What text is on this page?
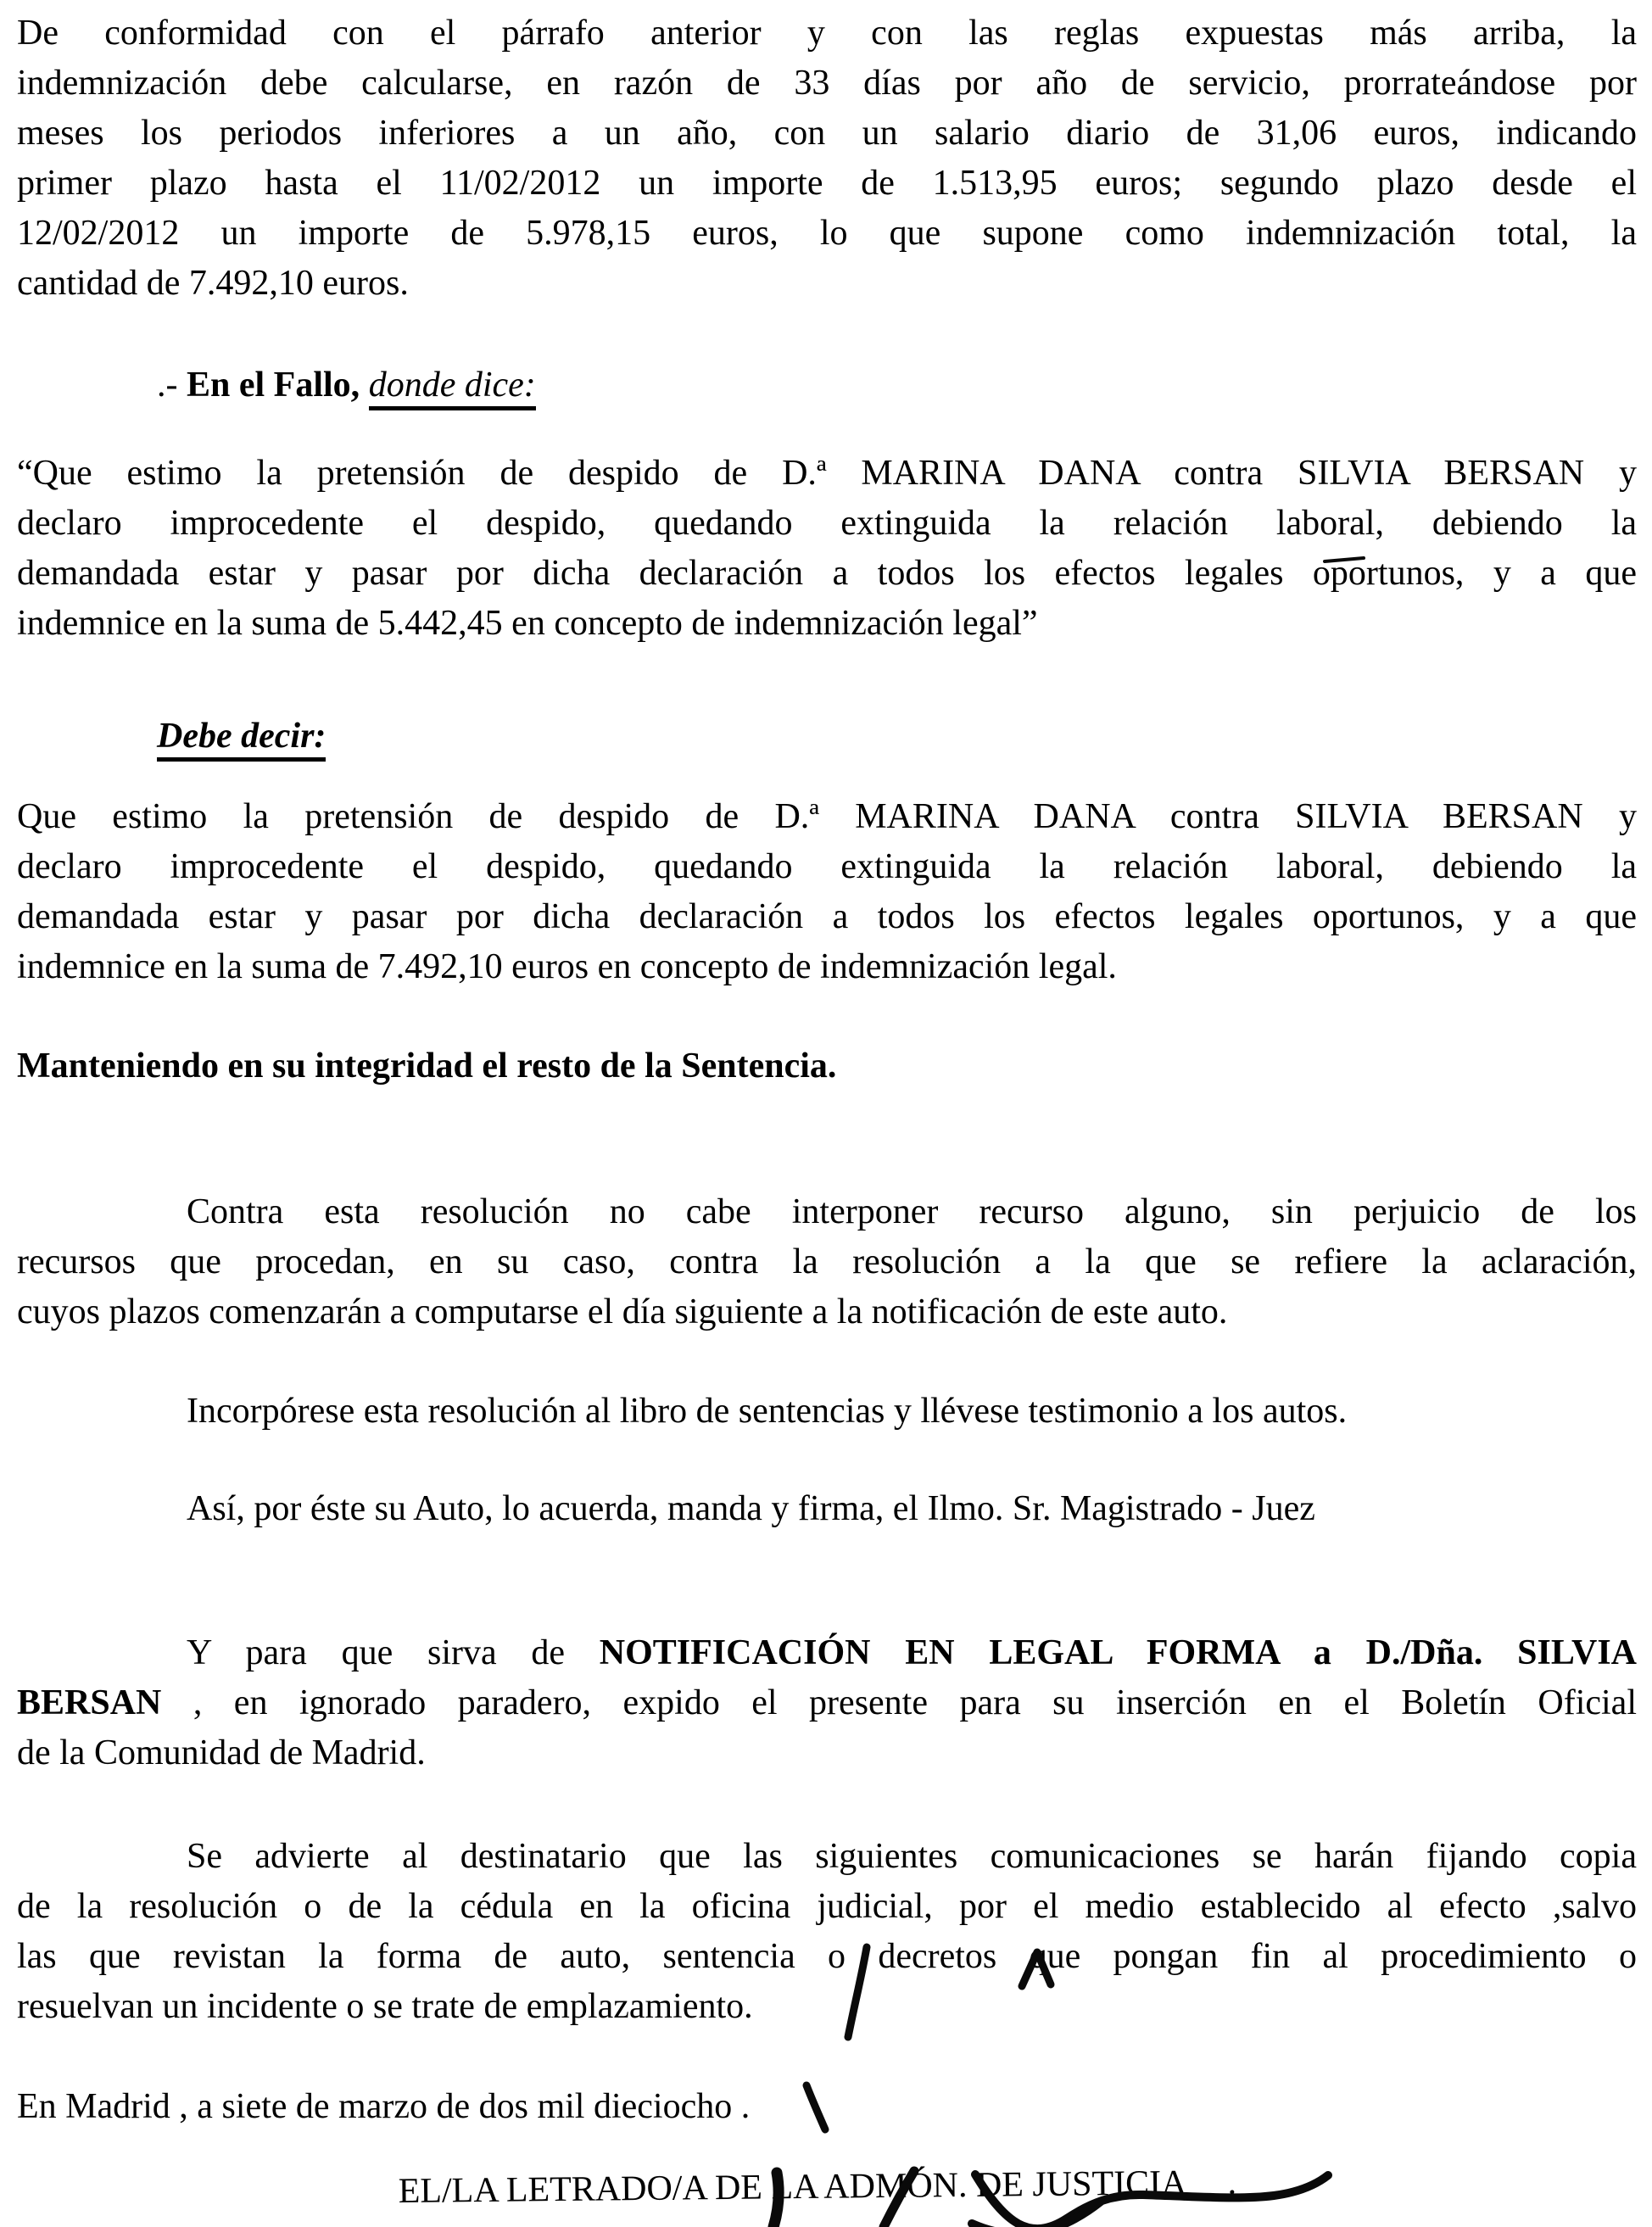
De conformidad con el párrafo anterior y con las reglas expuestas más arriba, la
indemnización debe calcularse, en razón de 33 días por año de servicio, prorrateándose por
meses los periodos inferiores a un año, con un salario diario de 31,06 euros, indicando
primer plazo hasta el 11/02/2012 un importe de 1.513,95 euros; segundo plazo desde el
12/02/2012 un importe de 5.978,15 euros, lo que supone como indemnización total, la
cantidad de 7.492,10 euros.
.- En el Fallo, donde dice:
“Que estimo la pretensión de despido de D.ª MARINA DANA contra SILVIA BERSAN y
declaro improcedente el despido, quedando extinguida la relación laboral, debiendo la
demandada estar y pasar por dicha declaración a todos los efectos legales oportunos, y a que
indemnice en la suma de 5.442,45 en concepto de indemnización legal”
Debe decir:
Que estimo la pretensión de despido de D.ª MARINA DANA contra SILVIA BERSAN y
declaro improcedente el despido, quedando extinguida la relación laboral, debiendo la
demandada estar y pasar por dicha declaración a todos los efectos legales oportunos, y a que
indemnice en la suma de 7.492,10 euros en concepto de indemnización legal.
Manteniendo en su integridad el resto de la Sentencia.
Contra esta resolución no cabe interponer recurso alguno, sin perjuicio de los
recursos que procedan, en su caso, contra la resolución a la que se refiere la aclaración,
cuyos plazos comenzarán a computarse el día siguiente a la notificación de este auto.
Incorpórese esta resolución al libro de sentencias y llévese testimonio a los autos.
Así, por éste su Auto, lo acuerda, manda y firma, el Ilmo. Sr. Magistrado - Juez
Y para que sirva de NOTIFICACIÓN EN LEGAL FORMA a D./Dña. SILVIA
BERSAN , en ignorado paradero, expido el presente para su inserción en el Boletín Oficial
de la Comunidad de Madrid.
Se advierte al destinatario que las siguientes comunicaciones se harán fijando copia
de la resolución o de la cédula en la oficina judicial, por el medio establecido al efecto ,salvo
las que revistan la forma de auto, sentencia o decretos que pongan fin al procedimiento o
resuelvan un incidente o se trate de emplazamiento.
En Madrid , a siete de marzo de dos mil dieciocho .
EL/LA LETRADO/A DE LA ADMÓN. DE JUSTICIA .
